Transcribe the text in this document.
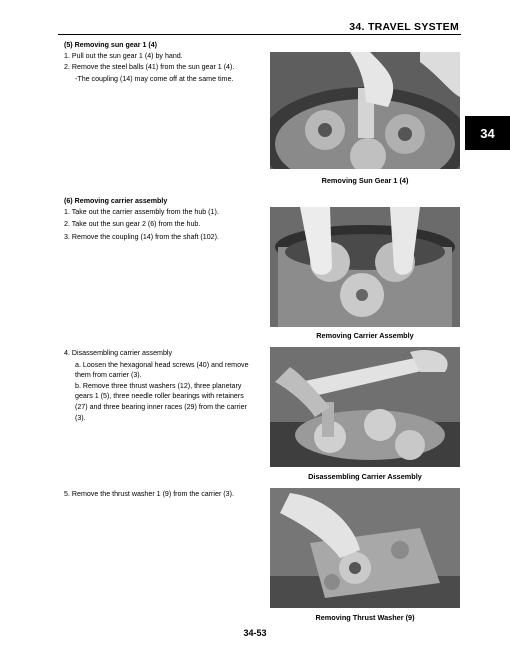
34. TRAVEL SYSTEM
34

(5) Removing sun gear 1 (4)

1. Pull out the sun gear 1 (4) by hand.

2. Remove the steel balls (41) from the sun gear 1 (4).

-The coupling (14) may come off at the same time.

Removing Sun Gear 1 (4)

(6) Removing carrier assembly

1. Take out the carrier assembly from the hub (1).

2. Take out the sun gear 2 (6) from the hub.

3. Remove the coupling (14) from the shaft (102).

Removing Carrier Assembly

4. Disassembling carrier assembly

a. Loosen the hexagonal head screws (40) and remove them from carrier (3).

b. Remove three thrust washers (12), three planetary gears 1 (5), three needle roller bearings with retainers (27) and three bearing inner races (29) from the carrier (3).

Disassembling Carrier Assembly

5. Remove the thrust washer 1 (9) from the carrier (3).

Removing Thrust Washer (9)
34-53
